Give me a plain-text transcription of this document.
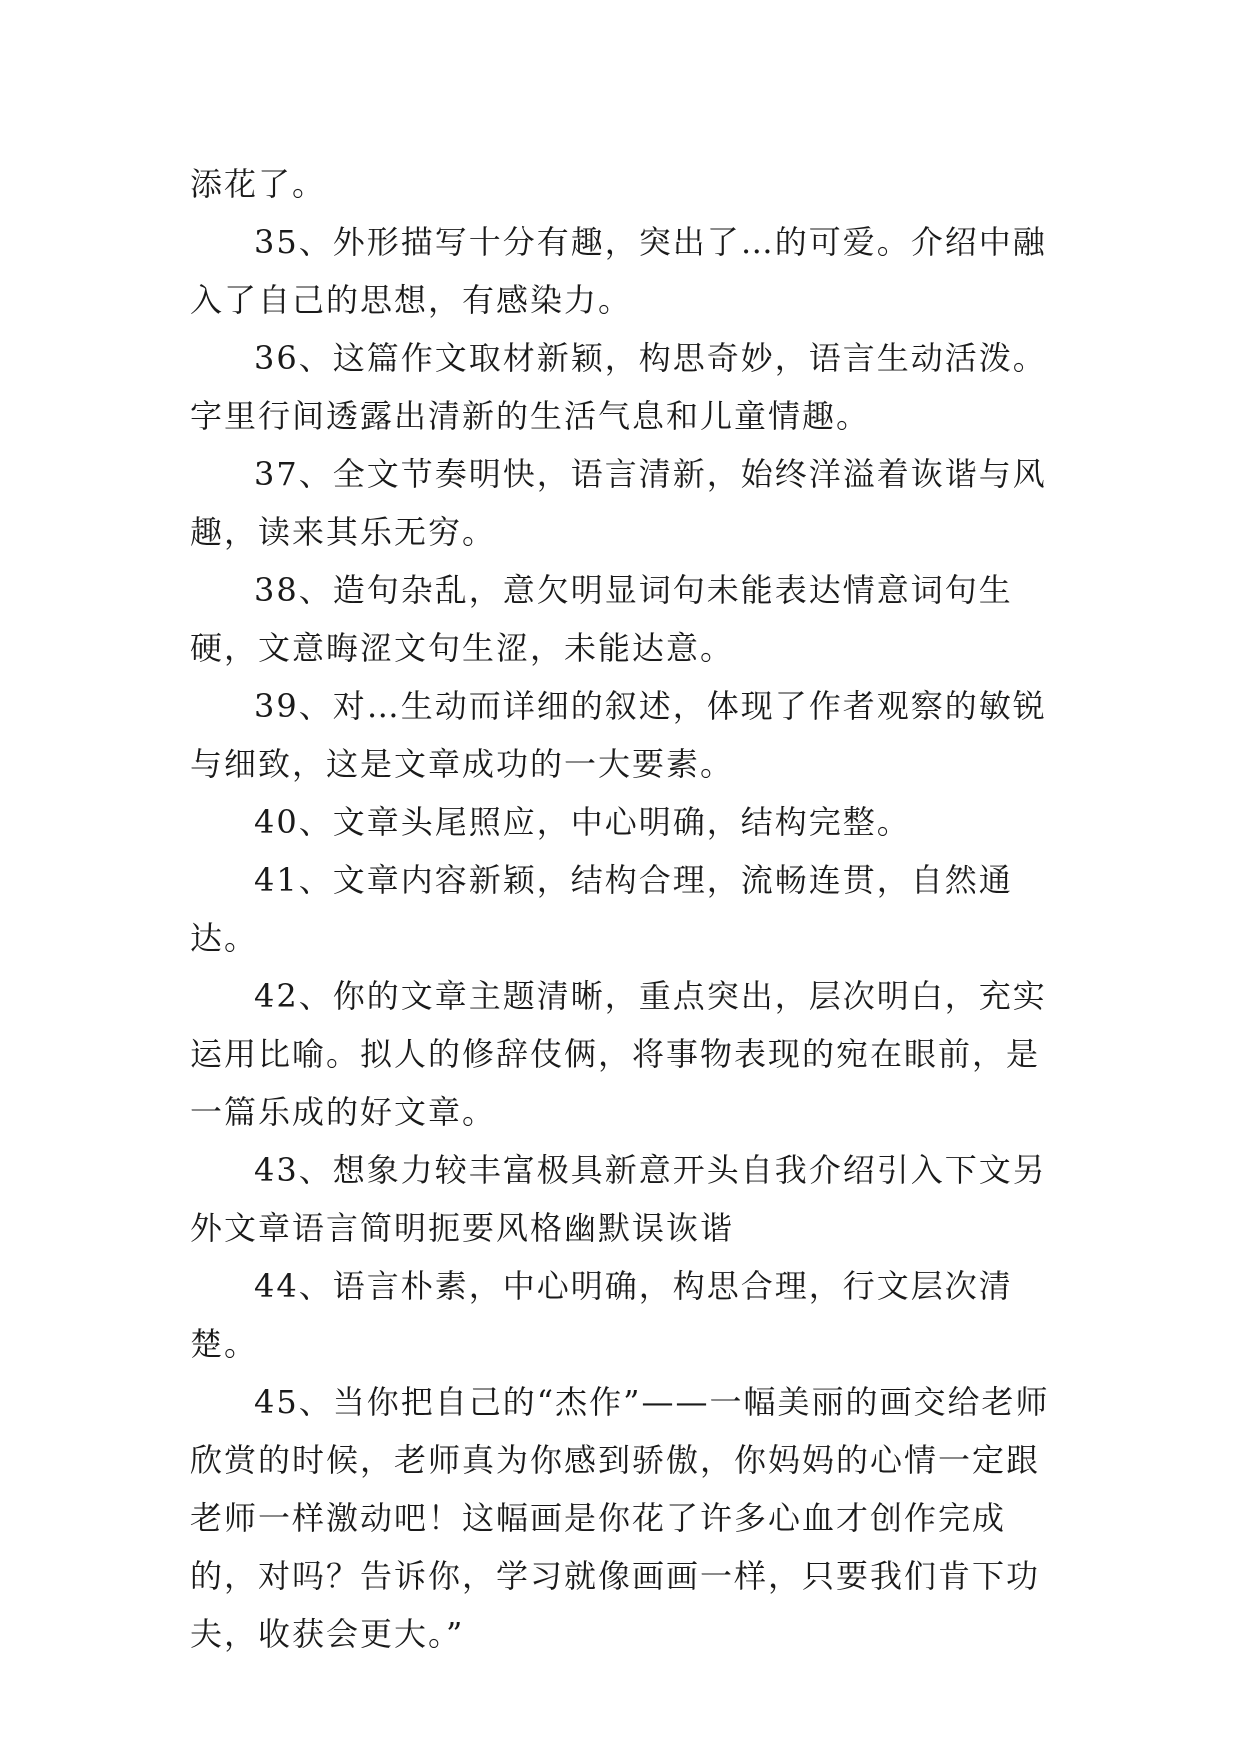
添花了。

35、外形描写十分有趣，突出了…的可爱。介绍中融入了自己的思想，有感染力。

36、这篇作文取材新颖，构思奇妙，语言生动活泼。字里行间透露出清新的生活气息和儿童情趣。

37、全文节奏明快，语言清新，始终洋溢着诙谐与风趣，读来其乐无穷。

38、造句杂乱，意欠明显词句未能表达情意词句生硬，文意晦涩文句生涩，未能达意。

39、对…生动而详细的叙述，体现了作者观察的敏锐与细致，这是文章成功的一大要素。

40、文章头尾照应，中心明确，结构完整。

41、文章内容新颖，结构合理，流畅连贯，自然通达。

42、你的文章主题清晰，重点突出，层次明白，充实运用比喻。拟人的修辞伎俩，将事物表现的宛在眼前，是一篇乐成的好文章。

43、想象力较丰富极具新意开头自我介绍引入下文另外文章语言简明扼要风格幽默误诙谐

44、语言朴素，中心明确，构思合理，行文层次清楚。

45、当你把自己的“杰作”——一幅美丽的画交给老师欣赏的时候，老师真为你感到骄傲，你妈妈的心情一定跟老师一样激动吧！这幅画是你花了许多心血才创作完成的，对吗？告诉你，学习就像画画一样，只要我们肯下功夫，收获会更大。”
